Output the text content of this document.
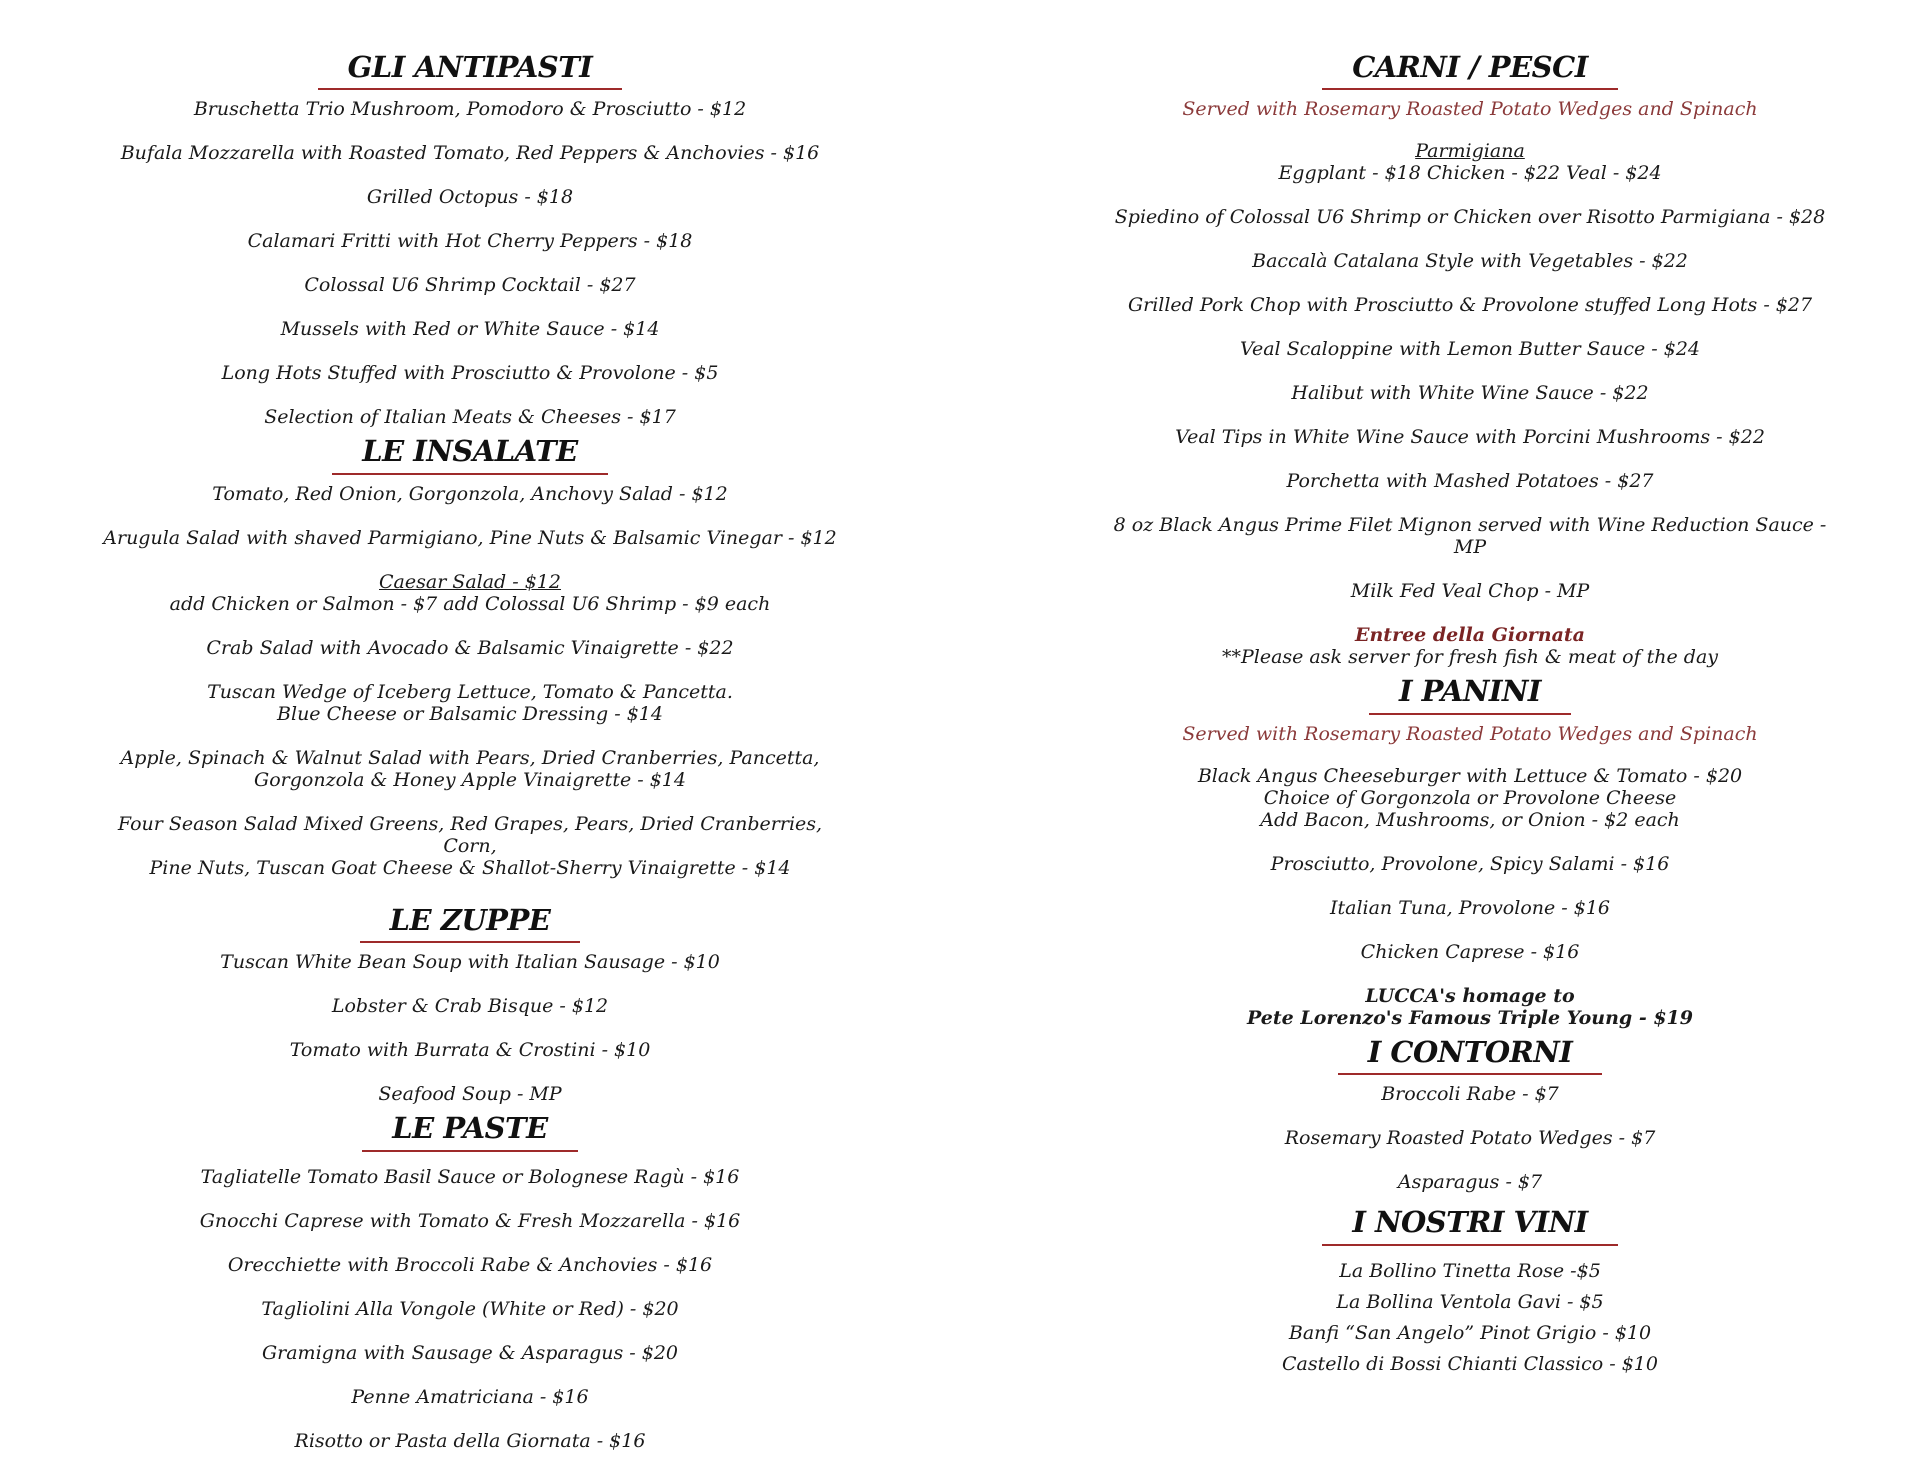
GLI ANTIPASTI

Bruschetta Trio Mushroom, Pomodoro & Prosciutto - $12

Bufala Mozzarella with Roasted Tomato, Red Peppers & Anchovies - $16

Grilled Octopus - $18

Calamari Fritti with Hot Cherry Peppers - $18

Colossal U6 Shrimp Cocktail - $27

Mussels with Red or White Sauce - $14

Long Hots Stuffed with Prosciutto & Provolone - $5

Selection of Italian Meats & Cheeses - $17

LE INSALATE

Tomato, Red Onion, Gorgonzola, Anchovy Salad - $12

Arugula Salad with shaved Parmigiano, Pine Nuts & Balsamic Vinegar - $12

Caesar Salad - $12
add Chicken or Salmon - $7 add Colossal U6 Shrimp - $9 each

Crab Salad with Avocado & Balsamic Vinaigrette - $22

Tuscan Wedge of Iceberg Lettuce, Tomato & Pancetta.
Blue Cheese or Balsamic Dressing - $14

Apple, Spinach & Walnut Salad with Pears, Dried Cranberries, Pancetta,
Gorgonzola & Honey Apple Vinaigrette - $14

Four Season Salad Mixed Greens, Red Grapes, Pears, Dried Cranberries, Corn,
Pine Nuts, Tuscan Goat Cheese & Shallot-Sherry Vinaigrette - $14

LE ZUPPE

Tuscan White Bean Soup with Italian Sausage - $10

Lobster & Crab Bisque - $12

Tomato with Burrata & Crostini - $10

Seafood Soup - MP

LE PASTE

Tagliatelle Tomato Basil Sauce or Bolognese Ragù - $16

Gnocchi Caprese with Tomato & Fresh Mozzarella - $16

Orecchiette with Broccoli Rabe & Anchovies - $16

Tagliolini Alla Vongole (White or Red) - $20

Gramigna with Sausage & Asparagus - $20

Penne Amatriciana - $16

Risotto or Pasta della Giornata - $16

CARNI / PESCI

Served with Rosemary Roasted Potato Wedges and Spinach

Parmigiana
Eggplant - $18 Chicken - $22 Veal - $24

Spiedino of Colossal U6 Shrimp or Chicken over Risotto Parmigiana - $28

Baccalà Catalana Style with Vegetables - $22

Grilled Pork Chop with Prosciutto & Provolone stuffed Long Hots - $27

Veal Scaloppine with Lemon Butter Sauce - $24

Halibut with White Wine Sauce - $22

Veal Tips in White Wine Sauce with Porcini Mushrooms - $22

Porchetta with Mashed Potatoes - $27

8 oz Black Angus Prime Filet Mignon served with Wine Reduction Sauce - MP

Milk Fed Veal Chop - MP

Entree della Giornata
**Please ask server for fresh fish & meat of the day

I PANINI

Served with Rosemary Roasted Potato Wedges and Spinach

Black Angus Cheeseburger with Lettuce & Tomato - $20
Choice of Gorgonzola or Provolone Cheese
Add Bacon, Mushrooms, or Onion - $2 each

Prosciutto, Provolone, Spicy Salami - $16

Italian Tuna, Provolone - $16

Chicken Caprese - $16

LUCCA's homage to
Pete Lorenzo's Famous Triple Young - $19

I CONTORNI

Broccoli Rabe - $7

Rosemary Roasted Potato Wedges - $7

Asparagus - $7

I NOSTRI VINI

La Bollino Tinetta Rose -$5

La Bollina Ventola Gavi - $5

Banfi “San Angelo” Pinot Grigio - $10

Castello di Bossi Chianti Classico - $10
